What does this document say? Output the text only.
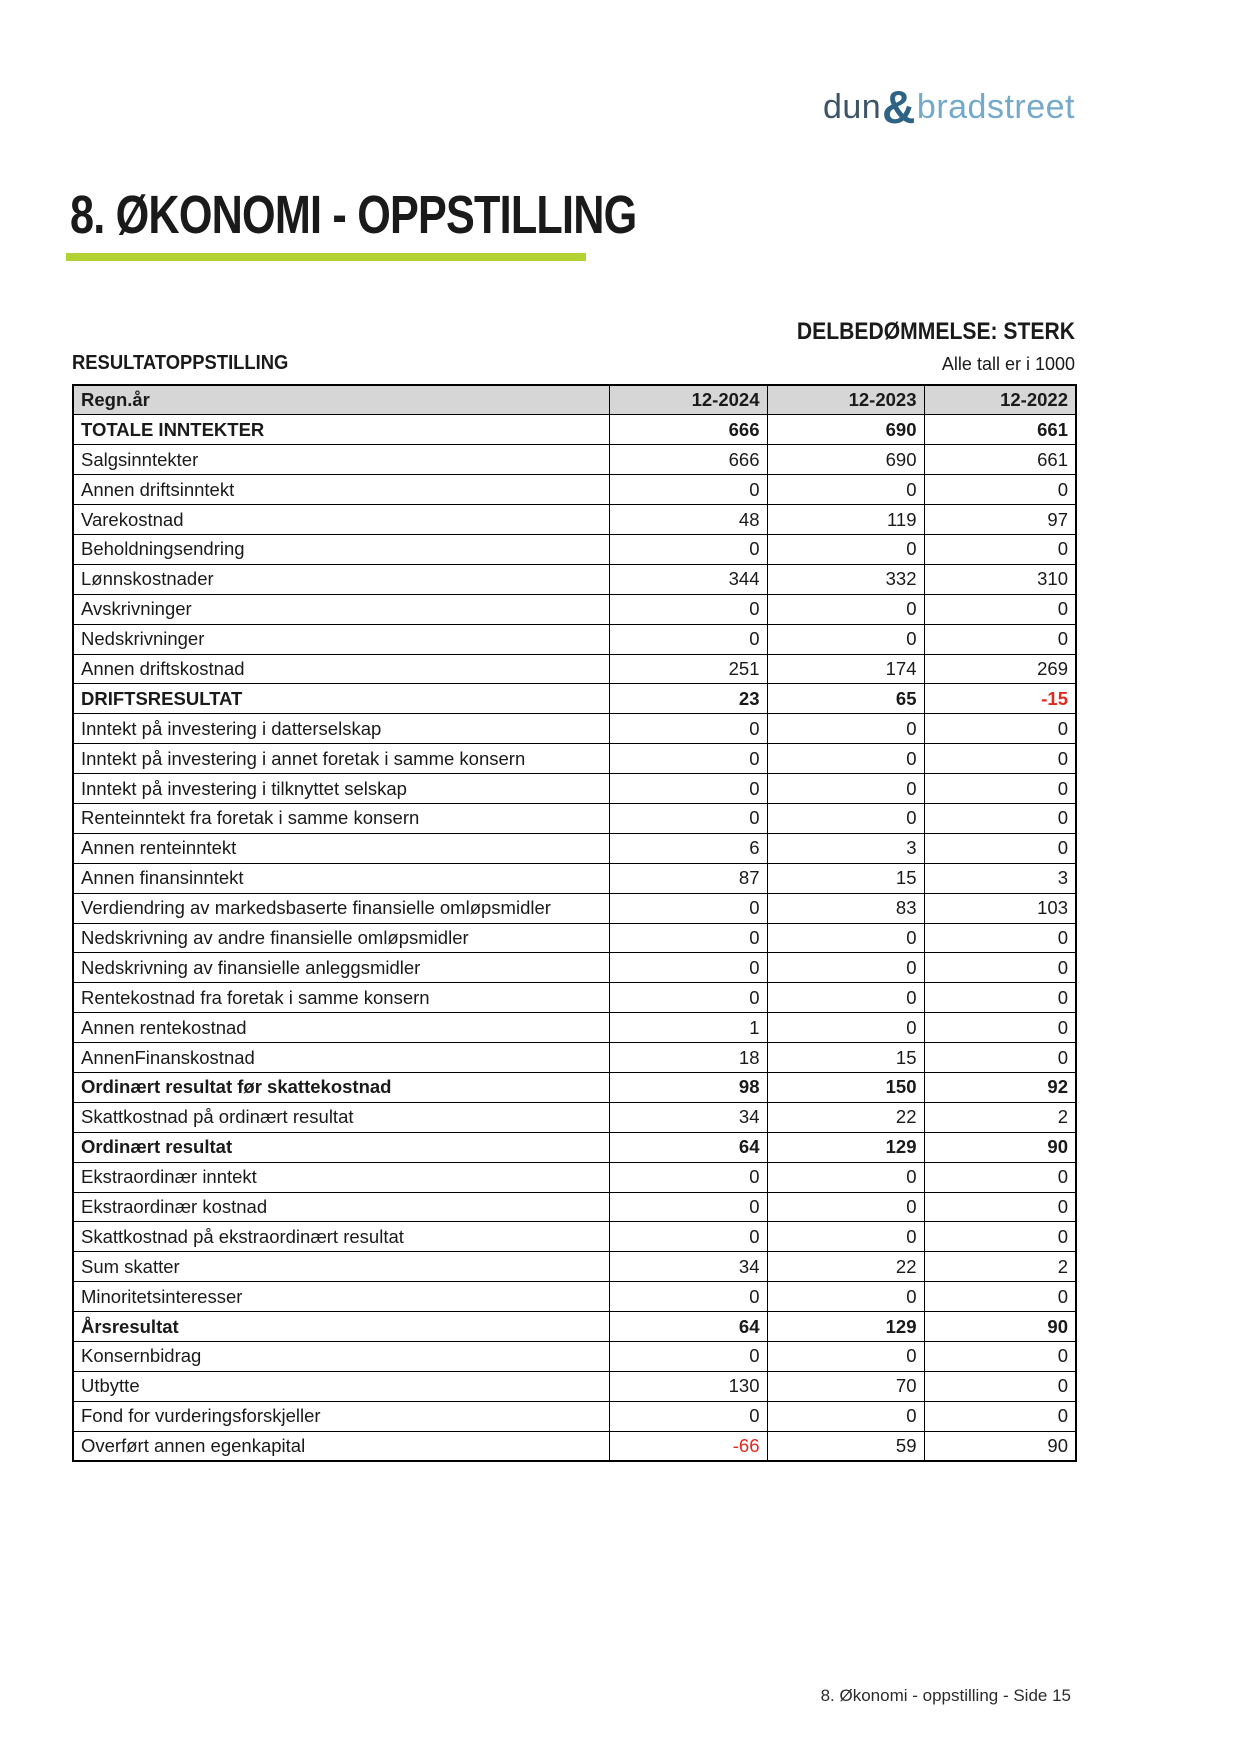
dun&bradstreet
8. ØKONOMI - OPPSTILLING
DELBEDØMMELSE: STERK
RESULTATOPPSTILLING	Alle tall er i 1000
Regn.år	12-2024	12-2023	12-2022
TOTALE INNTEKTER	666	690	661
Salgsinntekter	666	690	661
Annen driftsinntekt	0	0	0
Varekostnad	48	119	97
Beholdningsendring	0	0	0
Lønnskostnader	344	332	310
Avskrivninger	0	0	0
Nedskrivninger	0	0	0
Annen driftskostnad	251	174	269
DRIFTSRESULTAT	23	65	-15
Inntekt på investering i datterselskap	0	0	0
Inntekt på investering i annet foretak i samme konsern	0	0	0
Inntekt på investering i tilknyttet selskap	0	0	0
Renteinntekt fra foretak i samme konsern	0	0	0
Annen renteinntekt	6	3	0
Annen finansinntekt	87	15	3
Verdiendring av markedsbaserte finansielle omløpsmidler	0	83	103
Nedskrivning av andre finansielle omløpsmidler	0	0	0
Nedskrivning av finansielle anleggsmidler	0	0	0
Rentekostnad fra foretak i samme konsern	0	0	0
Annen rentekostnad	1	0	0
AnnenFinanskostnad	18	15	0
Ordinært resultat før skattekostnad	98	150	92
Skattkostnad på ordinært resultat	34	22	2
Ordinært resultat	64	129	90
Ekstraordinær inntekt	0	0	0
Ekstraordinær kostnad	0	0	0
Skattkostnad på ekstraordinært resultat	0	0	0
Sum skatter	34	22	2
Minoritetsinteresser	0	0	0
Årsresultat	64	129	90
Konsernbidrag	0	0	0
Utbytte	130	70	0
Fond for vurderingsforskjeller	0	0	0
Overført annen egenkapital	-66	59	90
8. Økonomi - oppstilling - Side 15
